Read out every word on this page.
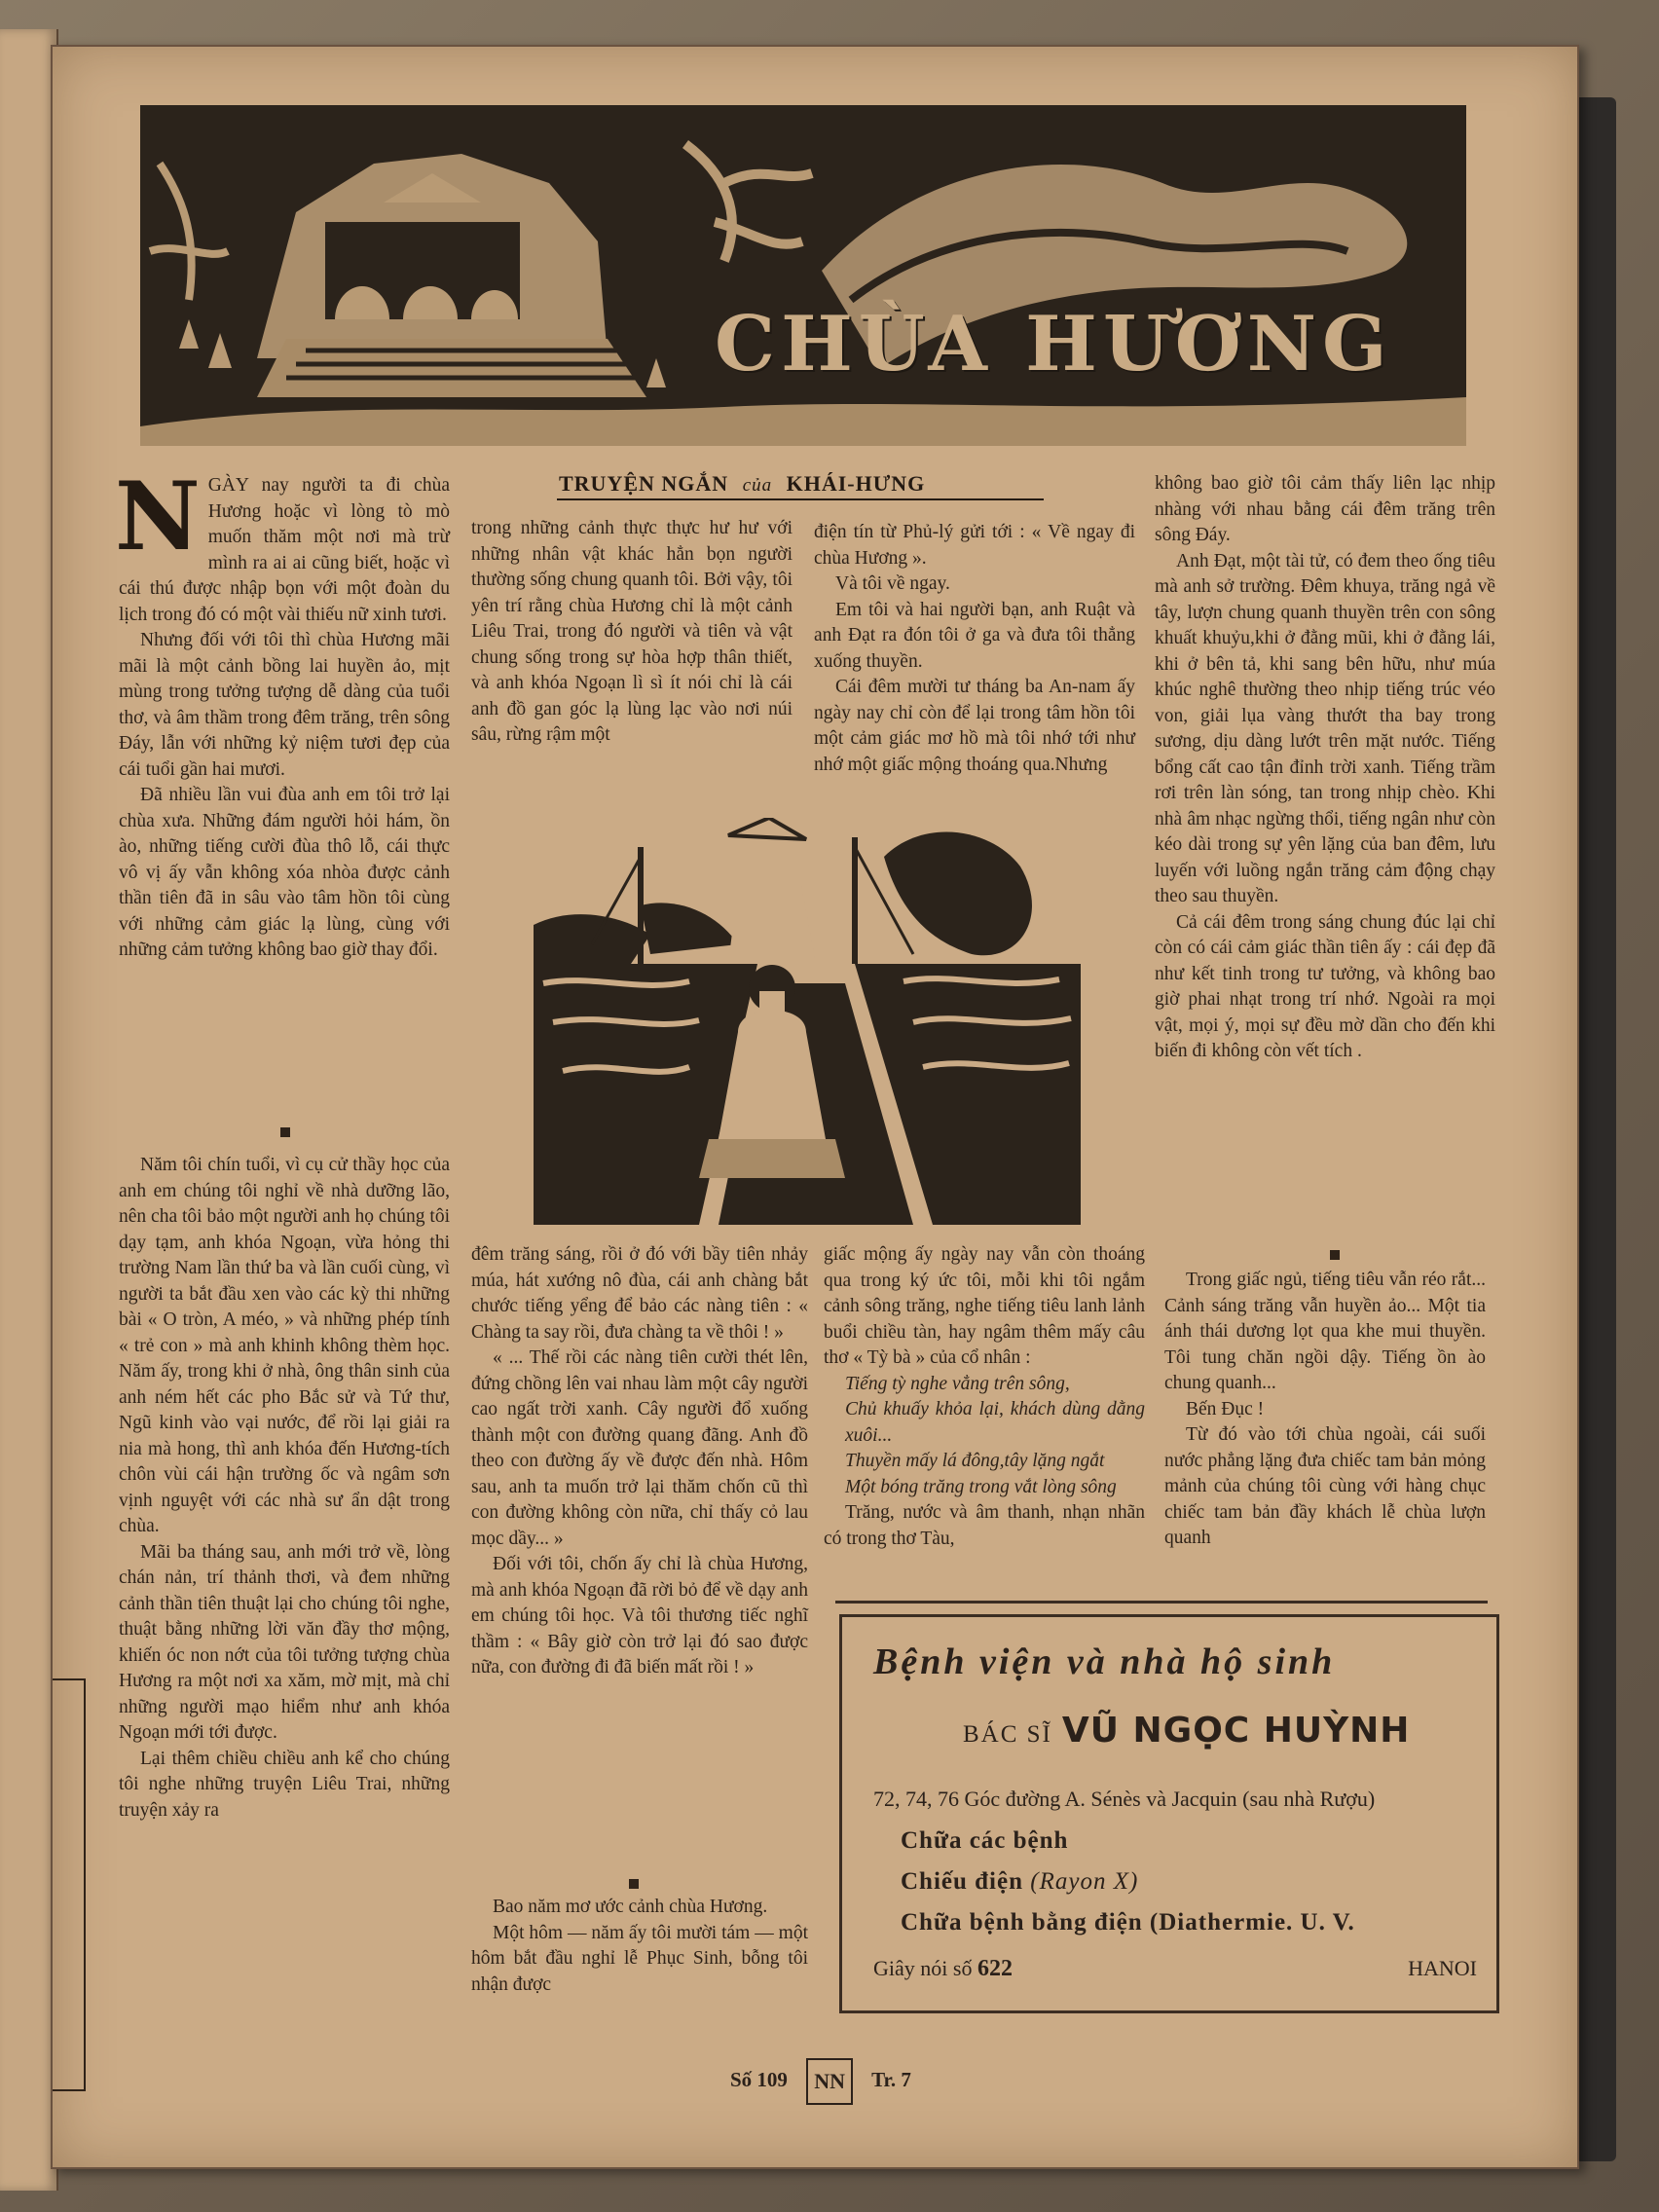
CHÙA HƯƠNG
TRUYỆN NGẮN của KHÁI-HƯNG

NGÀY nay người ta đi chùa Hương hoặc vì lòng tò mò muốn thăm một nơi mà trừ mình ra ai ai cũng biết, hoặc vì cái thú được nhập bọn với một đoàn du lịch trong đó có một vài thiếu nữ xinh tươi.

Nhưng đối với tôi thì chùa Hương mãi mãi là một cảnh bồng lai huyền ảo, mịt mùng trong tưởng tượng dễ dàng của tuổi thơ, và âm thầm trong đêm trăng, trên sông Đáy, lẫn với những kỷ niệm tươi đẹp của cái tuổi gần hai mươi.

Đã nhiều lần vui đùa anh em tôi trở lại chùa xưa. Những đám người hỏi hám, ồn ào, những tiếng cười đùa thô lỗ, cái thực vô vị ấy vẫn không xóa nhòa được cảnh thần tiên đã in sâu vào tâm hồn tôi cùng với những cảm giác lạ lùng, cùng với những cảm tưởng không bao giờ thay đổi.

Năm tôi chín tuổi, vì cụ cử thầy học của anh em chúng tôi nghỉ về nhà dưỡng lão, nên cha tôi bảo một người anh họ chúng tôi dạy tạm, anh khóa Ngoạn, vừa hỏng thi trường Nam lần thứ ba và lần cuối cùng, vì người ta bắt đầu xen vào các kỳ thi những bài « O tròn, A méo, » và những phép tính « trẻ con » mà anh khinh không thèm học. Năm ấy, trong khi ở nhà, ông thân sinh của anh ném hết các pho Bắc sử và Tứ thư, Ngũ kinh vào vại nước, để rồi lại giải ra nia mà hong, thì anh khóa đến Hương-tích chôn vùi cái hận trường ốc và ngâm sơn vịnh nguyệt với các nhà sư ẩn dật trong chùa.

Mãi ba tháng sau, anh mới trở về, lòng chán nản, trí thảnh thơi, và đem những cảnh thần tiên thuật lại cho chúng tôi nghe, thuật bằng những lời văn đầy thơ mộng, khiến óc non nớt của tôi tưởng tượng chùa Hương ra một nơi xa xăm, mờ mịt, mà chỉ những người mạo hiểm như anh khóa Ngoạn mới tới được.

Lại thêm chiều chiều anh kể cho chúng tôi nghe những truyện Liêu Trai, những truyện xảy ra

trong những cảnh thực thực hư hư với những nhân vật khác hẳn bọn người thường sống chung quanh tôi. Bởi vậy, tôi yên trí rằng chùa Hương chỉ là một cảnh Liêu Trai, trong đó người và tiên và vật chung sống trong sự hòa hợp thân thiết, và anh khóa Ngoạn lì sì ít nói chỉ là cái anh đồ gan góc lạ lùng lạc vào nơi núi sâu, rừng rậm một

điện tín từ Phủ-lý gửi tới : « Về ngay đi chùa Hương ».

Và tôi về ngay.

Em tôi và hai người bạn, anh Ruật và anh Đạt ra đón tôi ở ga và đưa tôi thẳng xuống thuyền.

Cái đêm mười tư tháng ba An-nam ấy ngày nay chỉ còn để lại trong tâm hồn tôi một cảm giác mơ hồ mà tôi nhớ tới như nhớ một giấc mộng thoáng qua.Nhưng

đêm trăng sáng, rồi ở đó với bầy tiên nhảy múa, hát xướng nô đùa, cái anh chàng bắt chước tiếng yểng để bảo các nàng tiên : « Chàng ta say rồi, đưa chàng ta về thôi ! »

« ... Thế rồi các nàng tiên cười thét lên, đứng chồng lên vai nhau làm một cây người cao ngất trời xanh. Cây người đổ xuống thành một con đường quang đãng. Anh đồ theo con đường ấy về được đến nhà. Hôm sau, anh ta muốn trở lại thăm chốn cũ thì con đường không còn nữa, chỉ thấy cỏ lau mọc dầy... »

Đối với tôi, chốn ấy chỉ là chùa Hương, mà anh khóa Ngoạn đã rời bỏ để về dạy anh em chúng tôi học. Và tôi thương tiếc nghĩ thầm : « Bây giờ còn trở lại đó sao được nữa, con đường đi đã biến mất rồi ! »

Bao năm mơ ước cảnh chùa Hương.

Một hôm — năm ấy tôi mười tám — một hôm bắt đầu nghỉ lễ Phục Sinh, bỗng tôi nhận được

giấc mộng ấy ngày nay vẫn còn thoáng qua trong ký ức tôi, mỗi khi tôi ngắm cảnh sông trăng, nghe tiếng tiêu lanh lảnh buổi chiều tàn, hay ngâm thêm mấy câu thơ « Tỳ bà » của cổ nhân :

Tiếng tỳ nghe vẳng trên sông,
Chủ khuấy khỏa lại, khách dùng dằng xuôi...
Thuyền mấy lá đông,tây lặng ngắt
Một bóng trăng trong vắt lòng sông

Trăng, nước và âm thanh, nhạn nhãn có trong thơ Tàu,

không bao giờ tôi cảm thấy liên lạc nhịp nhàng với nhau bằng cái đêm trăng trên sông Đáy.

Anh Đạt, một tài tử, có đem theo ống tiêu mà anh sở trường. Đêm khuya, trăng ngả về tây, lượn chung quanh thuyền trên con sông khuất khuỷu,khi ở đằng mũi, khi ở đằng lái, khi ở bên tả, khi sang bên hữu, như múa khúc nghê thường theo nhịp tiếng trúc véo von, giải lụa vàng thướt tha bay trong sương, dịu dàng lướt trên mặt nước. Tiếng bổng cất cao tận đỉnh trời xanh. Tiếng trầm rơi trên làn sóng, tan trong nhịp chèo. Khi nhà âm nhạc ngừng thổi, tiếng ngân như còn kéo dài trong sự yên lặng của ban đêm, lưu luyến với luồng ngắn trăng cảm động chạy theo sau thuyền.

Cả cái đêm trong sáng chung đúc lại chỉ còn có cái cảm giác thần tiên ấy : cái đẹp đã như kết tinh trong tư tưởng, và không bao giờ phai nhạt trong trí nhớ. Ngoài ra mọi vật, mọi ý, mọi sự đều mờ dần cho đến khi biến đi không còn vết tích .

Trong giấc ngủ, tiếng tiêu vẫn réo rắt... Cảnh sáng trăng vẫn huyền ảo... Một tia ánh thái dương lọt qua khe mui thuyền. Tôi tung chăn ngồi dậy. Tiếng ồn ào chung quanh...

Bến Đục !

Từ đó vào tới chùa ngoài, cái suối nước phẳng lặng đưa chiếc tam bản mỏng mảnh của chúng tôi cùng với hàng chục chiếc tam bản đầy khách lễ chùa lượn quanh

Bệnh viện và nhà hộ sinh
BÁC SĨ VŨ NGỌC HUỲNH
72, 74, 76 Góc đường A. Sénès và Jacquin (sau nhà Rượu)
Chữa các bệnh
Chiếu điện (Rayon X)
Chữa bệnh bằng điện (Diathermie. U. V.
Giây nói số 622	HANOI
Số 109 NN Tr. 7
